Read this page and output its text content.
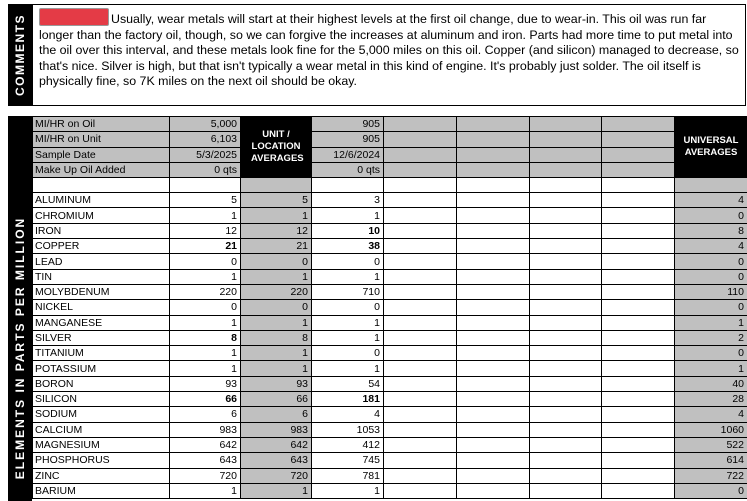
COMMENTS	Usually, wear metals will start at their highest levels at the first oil change, due to wear-in. This oil was run far longer than the factory oil, though, so we can forgive the increases at aluminum and iron. Parts had more time to put metal into the oil over this interval, and these metals look fine for the 5,000 miles on this oil. Copper (and silicon) managed to decrease, so that's nice. Silver is high, but that isn't typically a wear metal in this kind of engine. It's probably just solder. The oil itself is physically fine, so 7K miles on the next oil should be okay.
ELEMENTS IN PARTS PER MILLION
MI/HR on Oil	5,000	UNIT / LOCATION AVERAGES	905					UNIVERSAL AVERAGES
MI/HR on Unit	6,103		905					
Sample Date	5/3/2025		12/6/2024					
Make Up Oil Added	0 qts		0 qts					

ALUMINUM	5	5	3					4
CHROMIUM	1	1	1					0
IRON	12	12	10					8
COPPER	21	21	38					4
LEAD	0	0	0					0
TIN	1	1	1					0
MOLYBDENUM	220	220	710					110
NICKEL	0	0	0					0
MANGANESE	1	1	1					1
SILVER	8	8	1					2
TITANIUM	1	1	0					0
POTASSIUM	1	1	1					1
BORON	93	93	54					40
SILICON	66	66	181					28
SODIUM	6	6	4					4
CALCIUM	983	983	1053					1060
MAGNESIUM	642	642	412					522
PHOSPHORUS	643	643	745					614
ZINC	720	720	781					722
BARIUM	1	1	1					0
